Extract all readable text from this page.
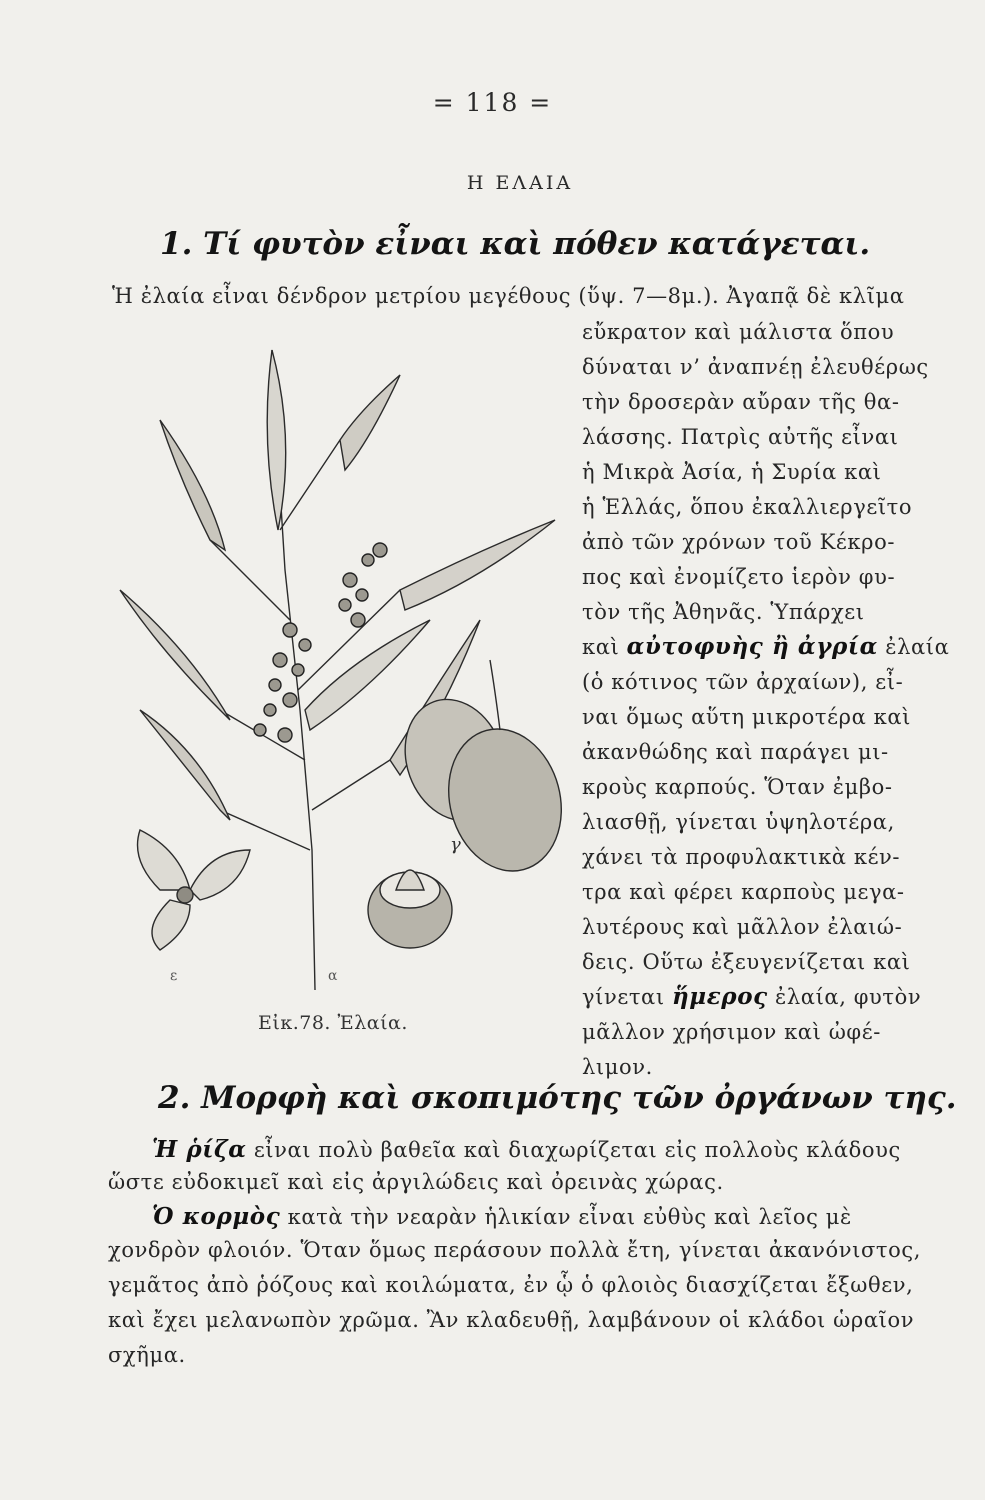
= 118 =
Η ΕΛΑΙΑ
1. Τί φυτὸν εἶναι καὶ πόθεν κατάγεται.
Ἡ ἐλαία εἶναι δένδρον μετρίου μεγέθους (ὕψ. 7—8μ.). Ἀγαπᾷ δὲ κλῖμα
εὔκρατον καὶ μάλιστα ὅπου
δύναται ν’ ἀναπνέῃ ἐλευθέρως
τὴν δροσερὰν αὔραν τῆς θα-
λάσσης. Πατρὶς αὐτῆς εἶναι
ἡ Μικρὰ Ἀσία, ἡ Συρία καὶ
ἡ Ἑλλάς, ὅπου ἐκαλλιεργεῖτο
ἀπὸ τῶν χρόνων τοῦ Κέκρο-
πος καὶ ἐνομίζετο ἱερὸν φυ-
τὸν τῆς Ἀθηνᾶς. Ὑπάρχει
καὶ αὐτοφυὴς ἢ ἀγρία ἐλαία
(ὁ κότινος τῶν ἀρχαίων), εἶ-
ναι ὅμως αὕτη μικροτέρα καὶ
ἀκανθώδης καὶ παράγει μι-
κροὺς καρπούς. Ὅταν ἐμβο-
λιασθῇ, γίνεται ὑψηλοτέρα,
χάνει τὰ προφυλακτικὰ κέν-
τρα καὶ φέρει καρποὺς μεγα-
λυτέρους καὶ μᾶλλον ἐλαιώ-
δεις. Οὕτω ἐξευγενίζεται καὶ
γίνεται ἥμερος ἐλαία, φυτὸν
μᾶλλον χρήσιμον καὶ ὠφέ-
λιμον.
γ
α
ε
Εἰκ.78. Ἐλαία.
2. Μορφὴ καὶ σκοπιμότης τῶν ὀργάνων της.
Ἡ ῥίζα εἶναι πολὺ βαθεῖα καὶ διαχωρίζεται εἰς πολλοὺς κλάδους
ὥστε εὐδοκιμεῖ καὶ εἰς ἀργιλώδεις καὶ ὀρεινὰς χώρας.
Ὁ κορμὸς κατὰ τὴν νεαρὰν ἡλικίαν εἶναι εὐθὺς καὶ λεῖος μὲ
χονδρὸν φλοιόν. Ὅταν ὅμως περάσουν πολλὰ ἔτη, γίνεται ἀκανόνιστος,
γεμᾶτος ἀπὸ ῥόζους καὶ κοιλώματα, ἐν ᾧ ὁ φλοιὸς διασχίζεται ἔξωθεν,
καὶ ἔχει μελανωπὸν χρῶμα. Ἂν κλαδευθῇ, λαμβάνουν οἱ κλάδοι ὡραῖον
σχῆμα.
